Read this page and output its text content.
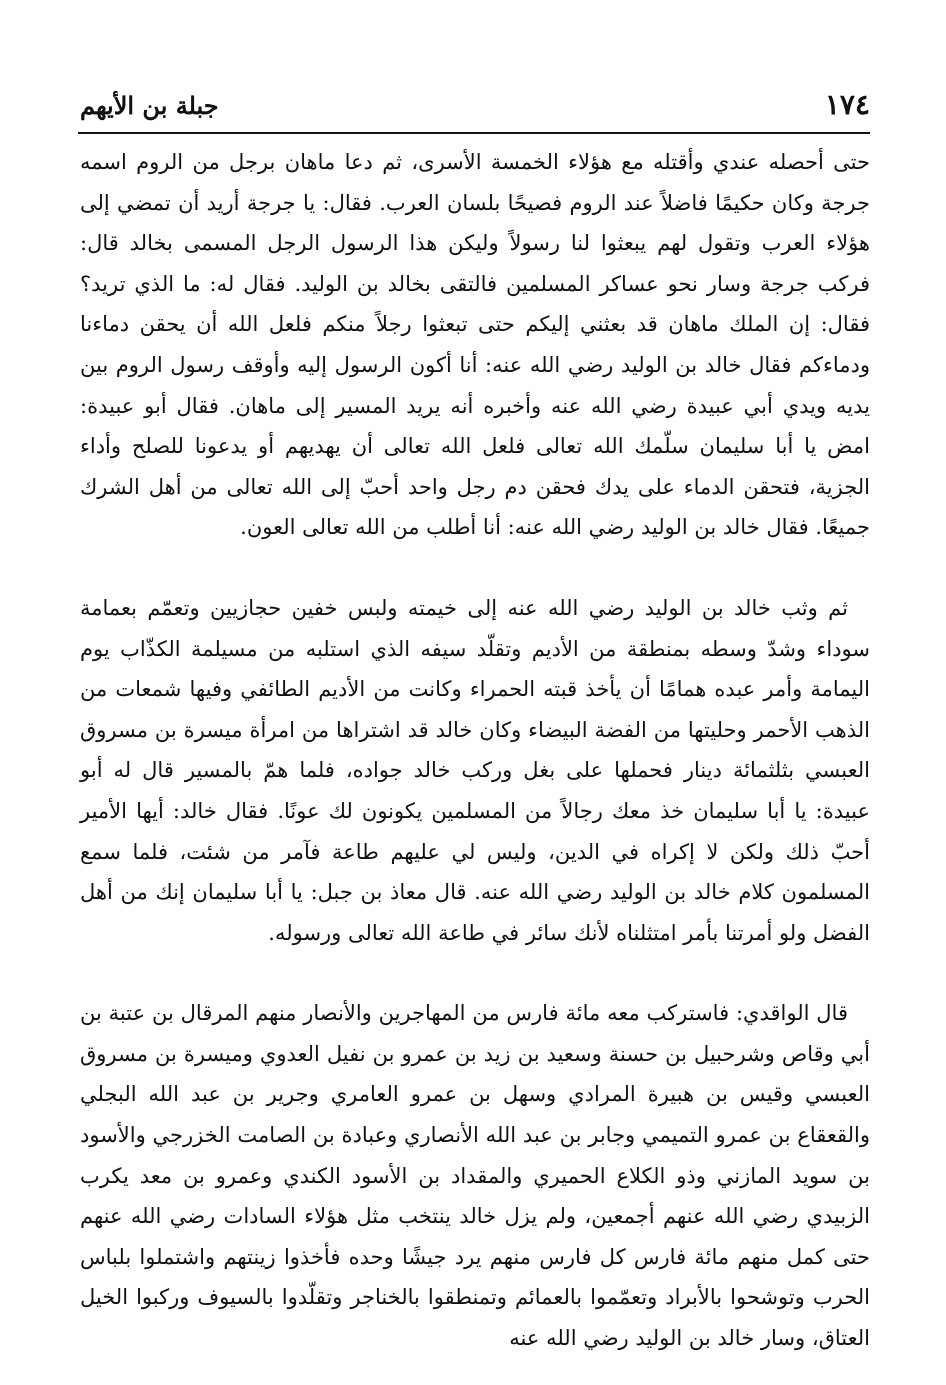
١٧٤
جبلة بن الأيهم

حتى أحصله عندي وأقتله مع هؤلاء الخمسة الأسرى، ثم دعا ماهان برجل من الروم اسمه جرجة وكان حكيمًا فاضلاً عند الروم فصيحًا بلسان العرب. فقال: يا جرجة أريد أن تمضي إلى هؤلاء العرب وتقول لهم يبعثوا لنا رسولاً وليكن هذا الرسول الرجل المسمى بخالد قال: فركب جرجة وسار نحو عساكر المسلمين فالتقى بخالد بن الوليد. فقال له: ما الذي تريد؟ فقال: إن الملك ماهان قد بعثني إليكم حتى تبعثوا رجلاً منكم فلعل الله أن يحقن دماءنا ودماءكم فقال خالد بن الوليد رضي الله عنه: أنا أكون الرسول إليه وأوقف رسول الروم بين يديه ويدي أبي عبيدة رضي الله عنه وأخبره أنه يريد المسير إلى ماهان. فقال أبو عبيدة: امض يا أبا سليمان سلّمك الله تعالى فلعل الله تعالى أن يهديهم أو يدعونا للصلح وأداء الجزية، فتحقن الدماء على يدك فحقن دم رجل واحد أحبّ إلى الله تعالى من أهل الشرك جميعًا. فقال خالد بن الوليد رضي الله عنه: أنا أطلب من الله تعالى العون.

ثم وثب خالد بن الوليد رضي الله عنه إلى خيمته ولبس خفين حجازيين وتعمّم بعمامة سوداء وشدّ وسطه بمنطقة من الأديم وتقلّد سيفه الذي استلبه من مسيلمة الكذّاب يوم اليمامة وأمر عبده همامًا أن يأخذ قبته الحمراء وكانت من الأديم الطائفي وفيها شمعات من الذهب الأحمر وحليتها من الفضة البيضاء وكان خالد قد اشتراها من امرأة ميسرة بن مسروق العبسي بثلثمائة دينار فحملها على بغل وركب خالد جواده، فلما همّ بالمسير قال له أبو عبيدة: يا أبا سليمان خذ معك رجالاً من المسلمين يكونون لك عونًا. فقال خالد: أيها الأمير أحبّ ذلك ولكن لا إكراه في الدين، وليس لي عليهم طاعة فآمر من شئت، فلما سمع المسلمون كلام خالد بن الوليد رضي الله عنه. قال معاذ بن جبل: يا أبا سليمان إنك من أهل الفضل ولو أمرتنا بأمر امتثلناه لأنك سائر في طاعة الله تعالى ورسوله.

قال الواقدي: فاستركب معه مائة فارس من المهاجرين والأنصار منهم المرقال بن عتبة بن أبي وقاص وشرحبيل بن حسنة وسعيد بن زيد بن عمرو بن نفيل العدوي وميسرة بن مسروق العبسي وقيس بن هبيرة المرادي وسهل بن عمرو العامري وجرير بن عبد الله البجلي والقعقاع بن عمرو التميمي وجابر بن عبد الله الأنصاري وعبادة بن الصامت الخزرجي والأسود بن سويد المازني وذو الكلاع الحميري والمقداد بن الأسود الكندي وعمرو بن معد يكرب الزبيدي رضي الله عنهم أجمعين، ولم يزل خالد ينتخب مثل هؤلاء السادات رضي الله عنهم حتى كمل منهم مائة فارس كل فارس منهم يرد جيشًا وحده فأخذوا زينتهم واشتملوا بلباس الحرب وتوشحوا بالأبراد وتعمّموا بالعمائم وتمنطقوا بالخناجر وتقلّدوا بالسيوف وركبوا الخيل العتاق، وسار خالد بن الوليد رضي الله عنه
